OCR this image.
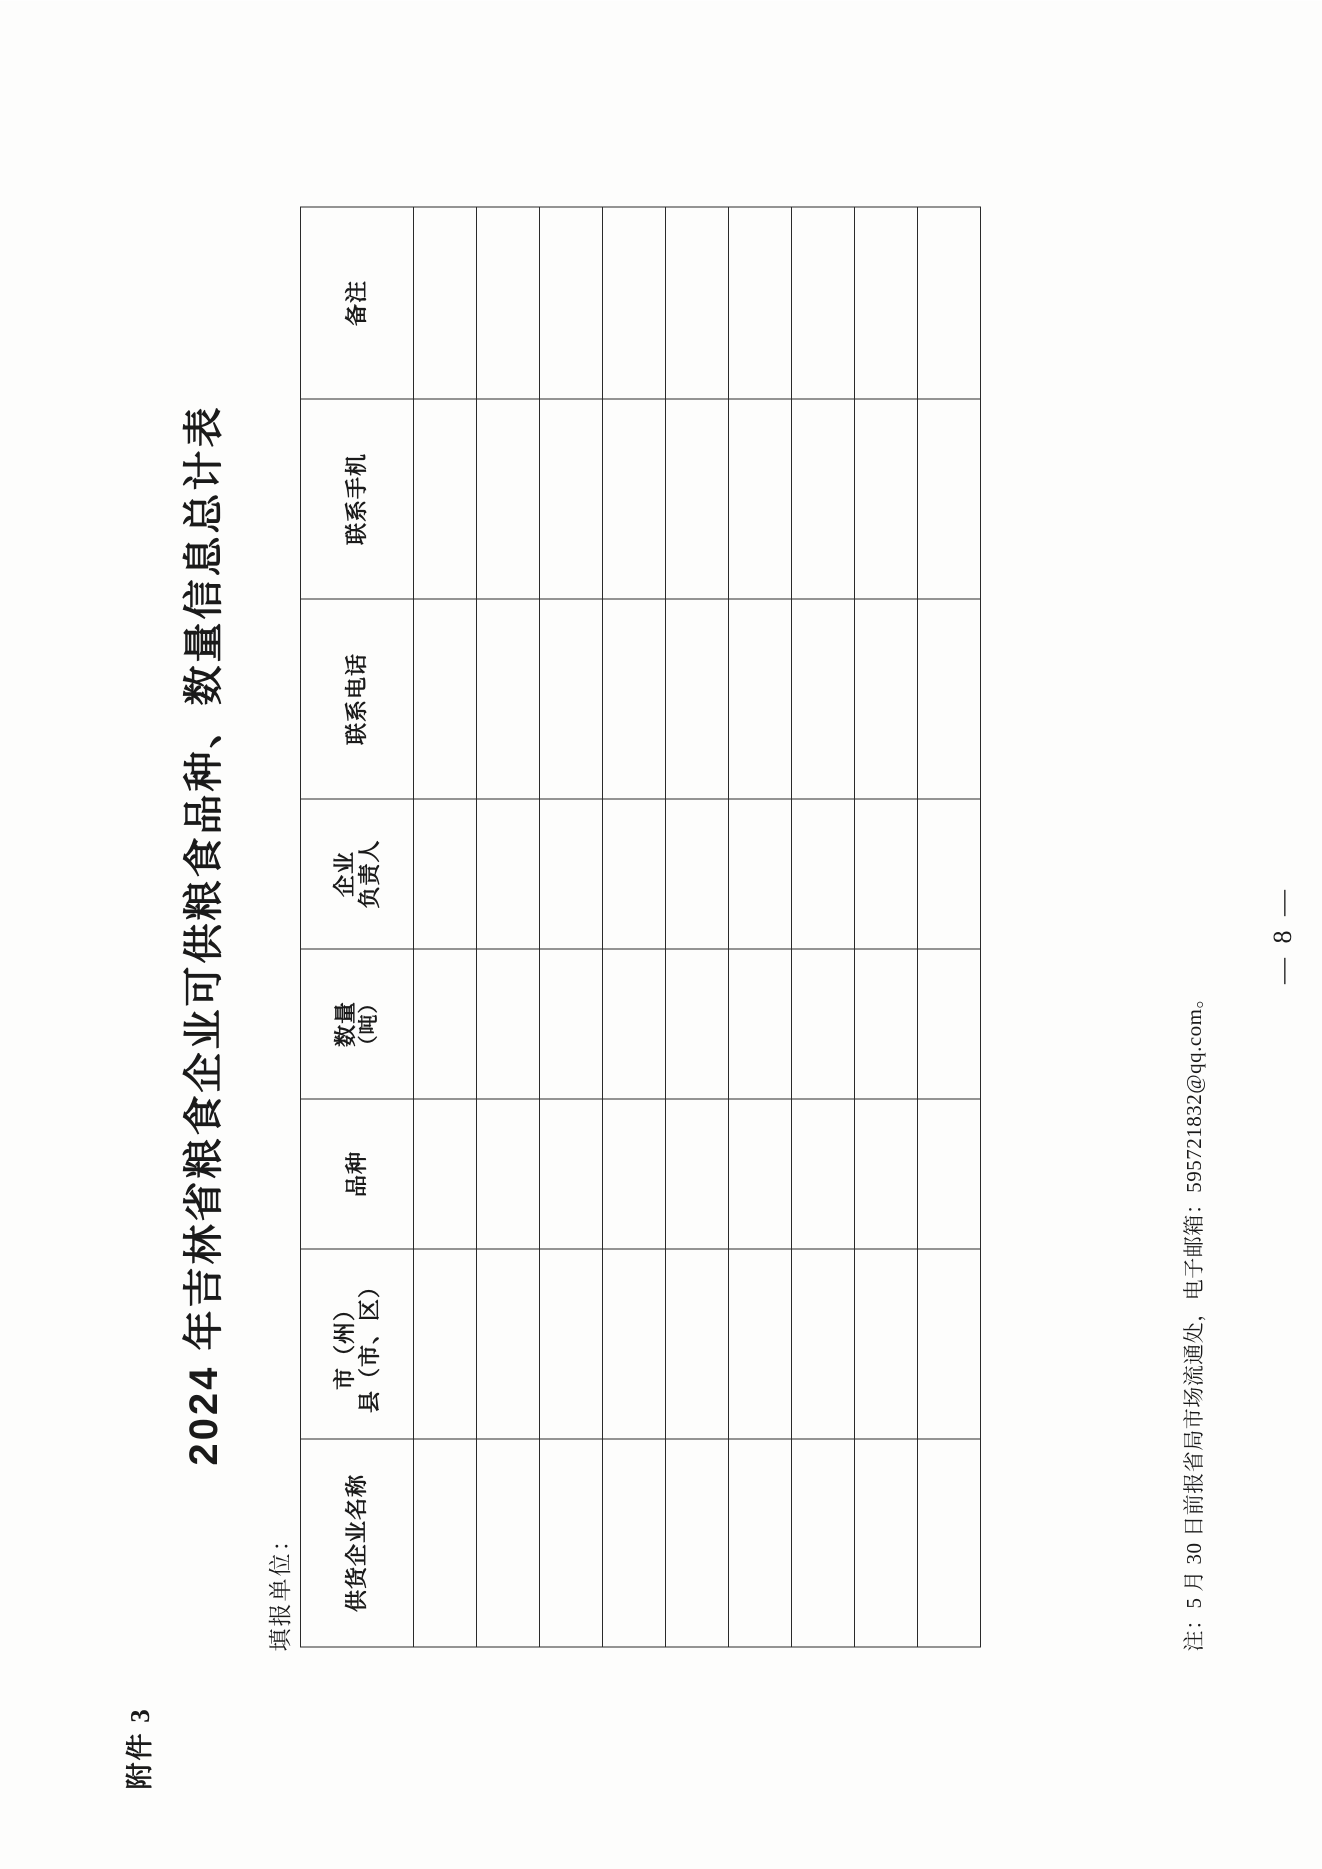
附件 3
2024 年吉林省粮食企业可供粮食品种、数量信息总计表
填报单位： 供货企业名称	市（州） 县（市、区）	品种	数量 （吨）	企业 负责人	联系电话	联系手机	备注

注：5 月 30 日前报省局市场流通处，电子邮箱：595721832@qq.com。
— 8 —
